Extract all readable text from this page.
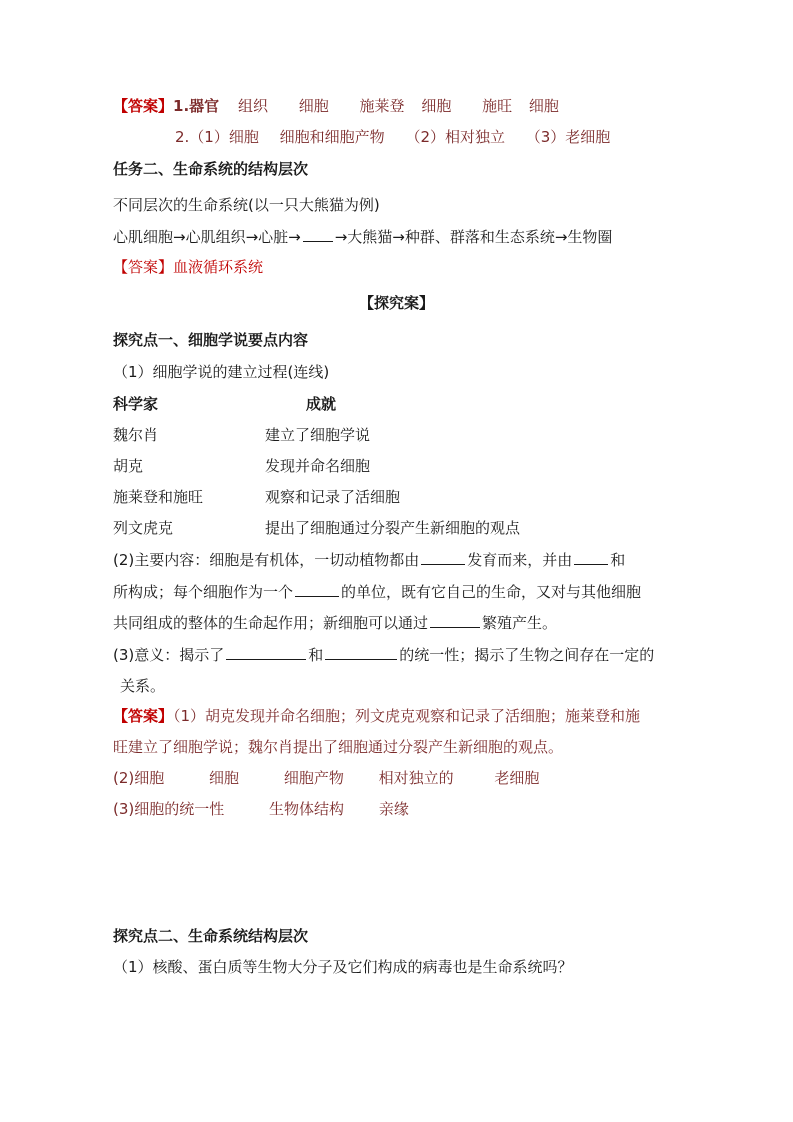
【答案】1.器官 组织 细胞 施莱登 细胞 施旺 细胞
2.（1）细胞 细胞和细胞产物 （2）相对独立 （3）老细胞
任务二、生命系统的结构层次
不同层次的生命系统(以一只大熊猫为例)
心肌细胞→心肌组织→心脏→ →大熊猫→种群、群落和生态系统→生物圈
【答案】血液循环系统
【探究案】
探究点一、细胞学说要点内容
（1）细胞学说的建立过程(连线)
科学家	成就
魏尔肖	建立了细胞学说
胡克	发现并命名细胞
施莱登和施旺	观察和记录了活细胞
列文虎克	提出了细胞通过分裂产生新细胞的观点
(2)主要内容：细胞是有机体，一切动植物都由	发育而来，并由	和
所构成；每个细胞作为一个	的单位，既有它自己的生命，又对与其他细胞
共同组成的整体的生命起作用；新细胞可以通过	繁殖产生。
(3)意义：揭示了	和	的统一性；揭示了生物之间存在一定的
关系。
【答案】（1）胡克发现并命名细胞；列文虎克观察和记录了活细胞；施莱登和施
旺建立了细胞学说；魏尔肖提出了细胞通过分裂产生新细胞的观点。
(2)细胞	细胞	细胞产物 相对独立的	老细胞
(3)细胞的统一性	生物体结构 亲缘
探究点二、生命系统结构层次
（1）核酸、蛋白质等生物大分子及它们构成的病毒也是生命系统吗？
